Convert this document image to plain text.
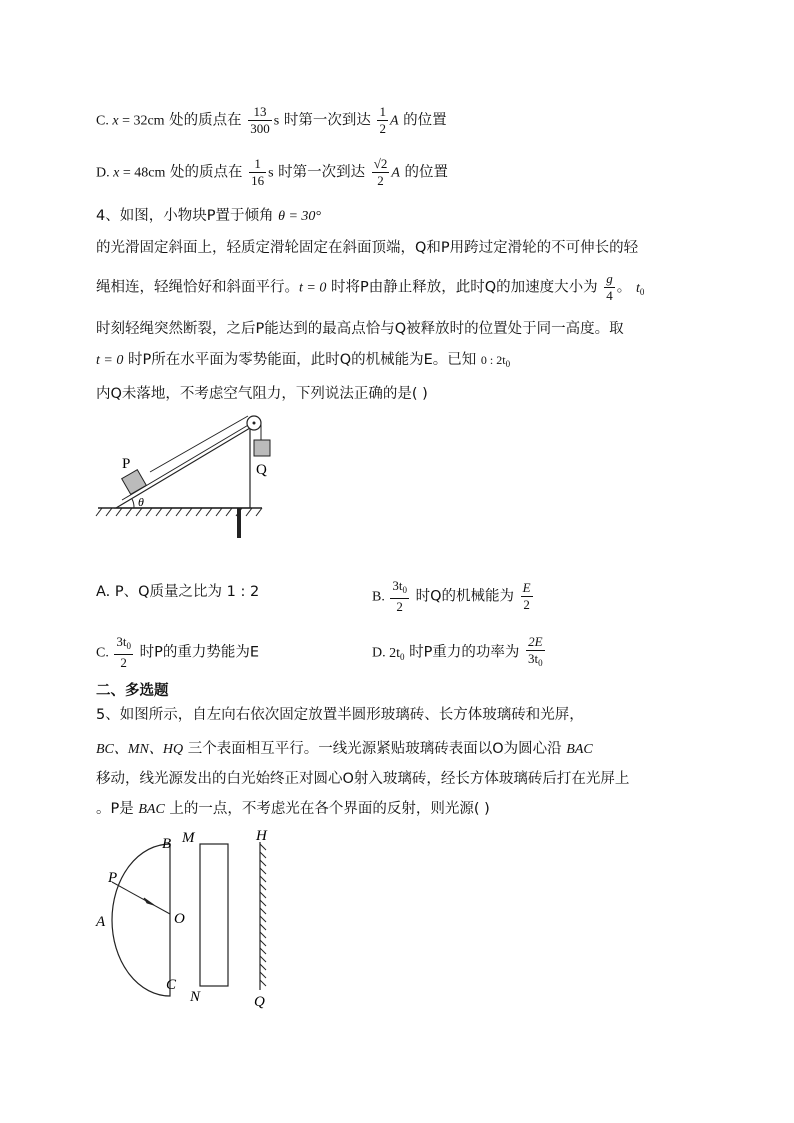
C. x = 32cm 处的质点在 $\frac{13}{300}$ s 时第一次到达 $\frac{1}{2}$ A 的位置
D. x = 48cm 处的质点在 $\frac{1}{16}$ s 时第一次到达 $\frac{√2}{2}$ A 的位置
4、如图，小物块P置于倾角 θ = 30°
的光滑固定斜面上，轻质定滑轮固定在斜面顶端，Q和P用跨过定滑轮的不可伸长的轻
绳相连，轻绳恰好和斜面平行。t = 0 时将P由静止释放，此时Q的加速度大小为 $\frac{g}{4}$ 。 $t_0$
时刻轻绳突然断裂，之后P能达到的最高点恰与Q被释放时的位置处于同一高度。取
t = 0 时P所在水平面为零势能面，此时Q的机械能为E。已知 0 : $2t_0$
内Q未落地，不考虑空气阻力，下列说法正确的是( )
P	Q
θ
A. P、Q质量之比为 1 : 2	B. $\frac{3t_0}{2}$ 时Q的机械能为 $\frac{E}{2}$
C. $\frac{3t_0}{2}$ 时P的重力势能为E	D. $2t_0$ 时P重力的功率为 $\frac{2E}{3t_0}$
二、多选题
5、如图所示，自左向右依次固定放置半圆形玻璃砖、长方体玻璃砖和光屏，
BC、MN、HQ 三个表面相互平行。一线光源紧贴玻璃砖表面以O为圆心沿 BAC
移动，线光源发出的白光始终正对圆心O射入玻璃砖，经长方体玻璃砖后打在光屏上
。P是 BAC 上的一点，不考虑光在各个界面的反射，则光源( )
B M	H
P
A	O
C
N	Q
